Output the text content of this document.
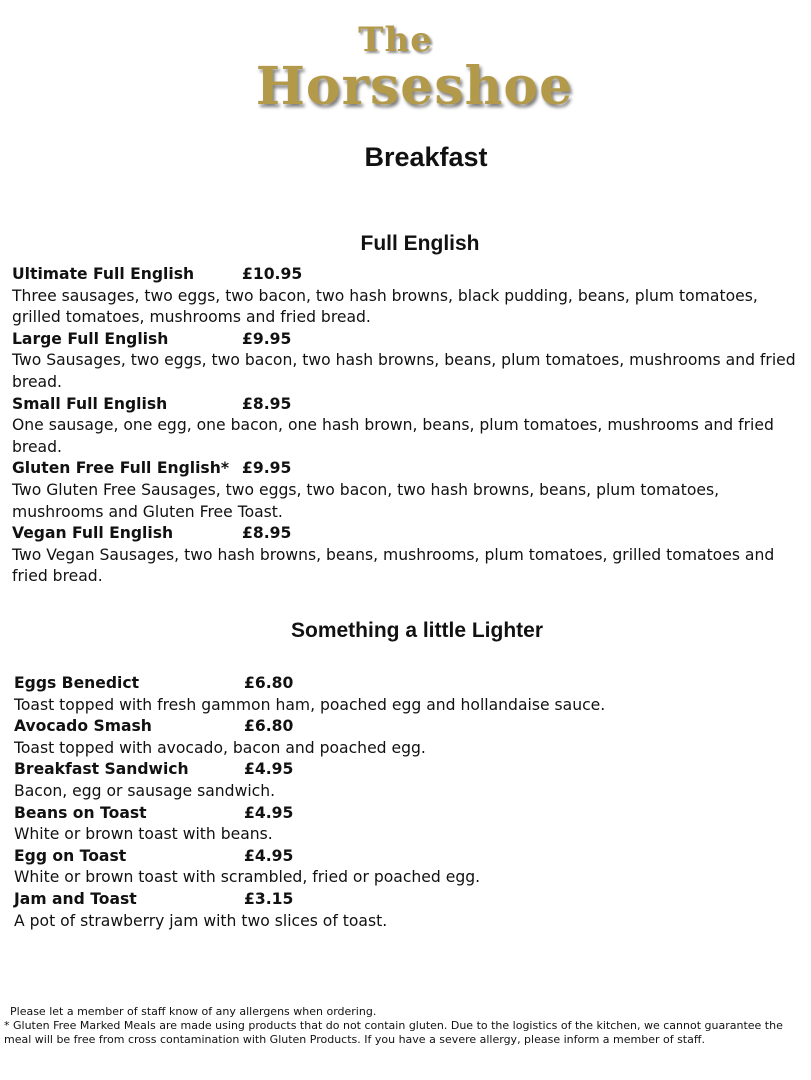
The
Horseshoe
Breakfast
Full English
Ultimate Full English	£10.95
Three sausages, two eggs, two bacon, two hash browns, black pudding, beans, plum tomatoes, grilled tomatoes, mushrooms and fried bread.
Large Full English	£9.95
Two Sausages, two eggs, two bacon, two hash browns, beans, plum tomatoes, mushrooms and fried bread.
Small Full English	£8.95
One sausage, one egg, one bacon, one hash brown, beans, plum tomatoes, mushrooms and fried bread.
Gluten Free Full English* £9.95
Two Gluten Free Sausages, two eggs, two bacon, two hash browns, beans, plum tomatoes, mushrooms and Gluten Free Toast.
Vegan Full English	£8.95
Two Vegan Sausages, two hash browns, beans, mushrooms, plum tomatoes, grilled tomatoes and fried bread.
Something a little Lighter
Eggs Benedict	£6.80
Toast topped with fresh gammon ham, poached egg and hollandaise sauce.
Avocado Smash	£6.80
Toast topped with avocado, bacon and poached egg.
Breakfast Sandwich	£4.95
Bacon, egg or sausage sandwich.
Beans on Toast	£4.95
White or brown toast with beans.
Egg on Toast	£4.95
White or brown toast with scrambled, fried or poached egg.
Jam and Toast	£3.15
A pot of strawberry jam with two slices of toast.

Please let a member of staff know of any allergens when ordering.

* Gluten Free Marked Meals are made using products that do not contain gluten. Due to the logistics of the kitchen, we cannot guarantee the meal will be free from cross contamination with Gluten Products. If you have a severe allergy, please inform a member of staff.
